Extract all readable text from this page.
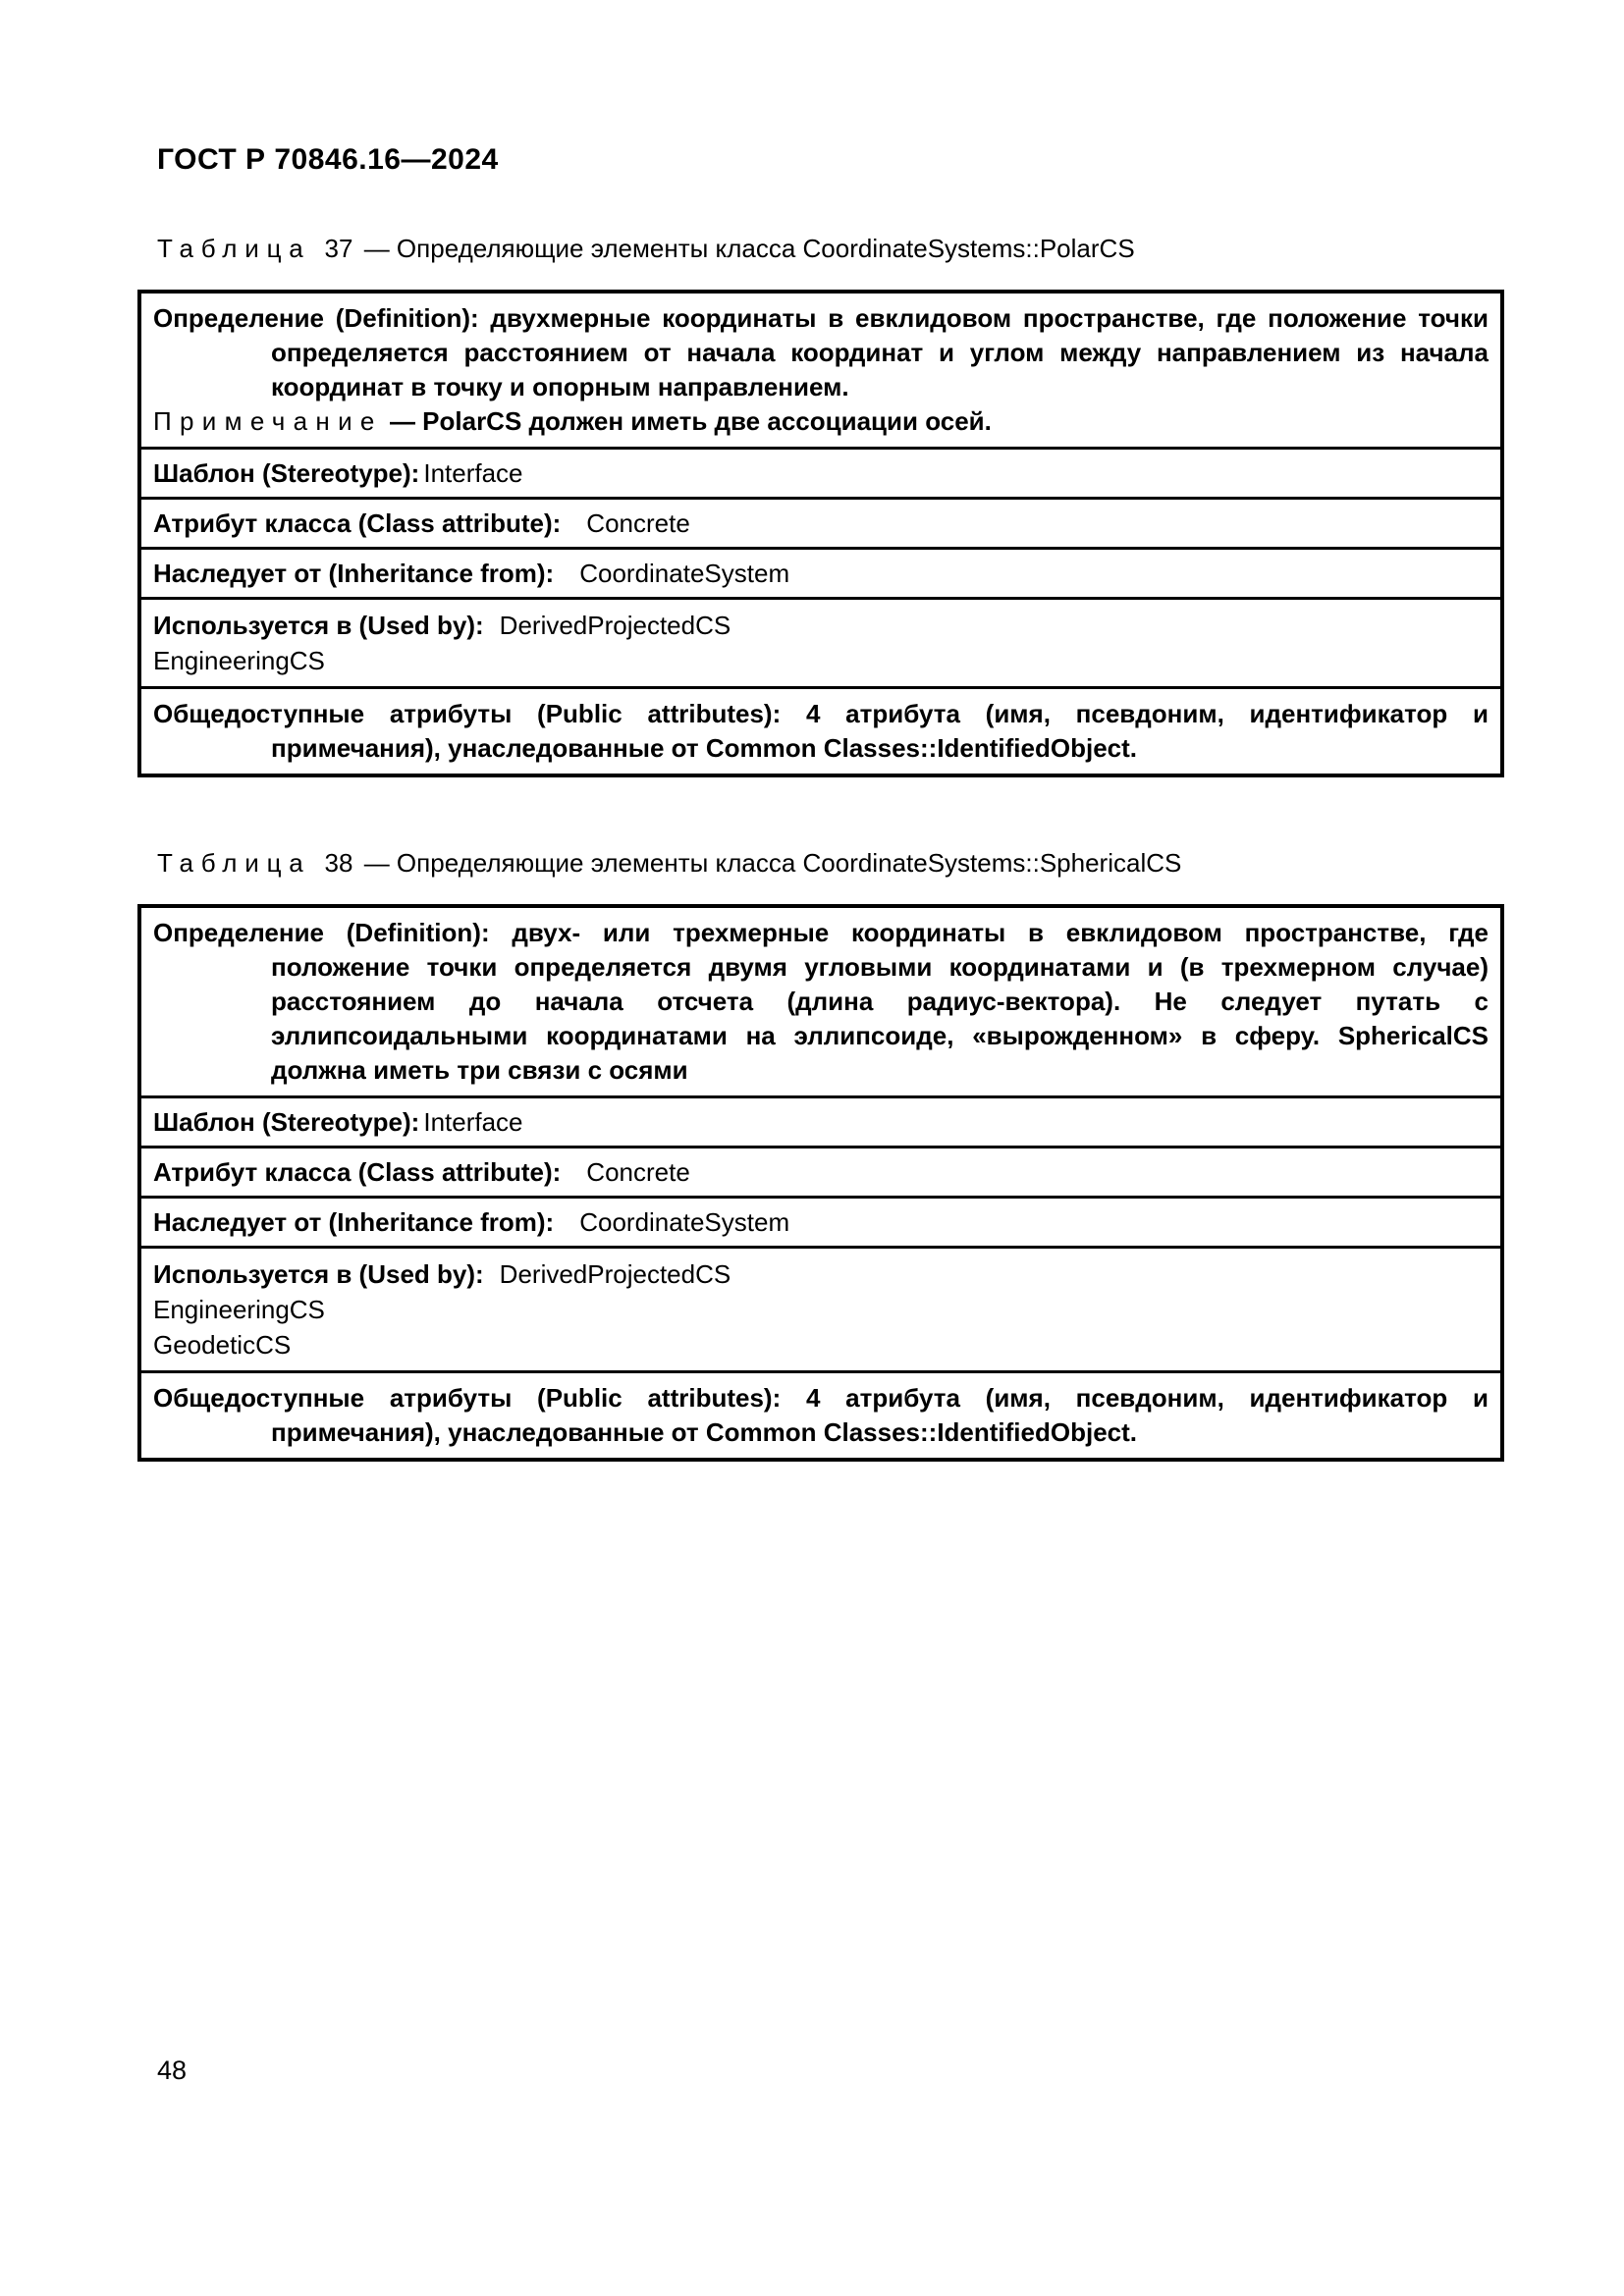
ГОСТ Р 70846.16—2024

Таблица 37 — Определяющие элементы класса CoordinateSystems::PolarCS

Определение (Definition): двухмерные координаты в евклидовом пространстве, где положение точки определяется расстоянием от начала координат и углом между направлением из начала координат в точку и опорным направлением.

Примечание — PolarCS должен иметь две ассоциации осей.

Шаблон (Stereotype): Interface

Атрибут класса (Class attribute): Concrete

Наследует от (Inheritance from): CoordinateSystem

Используется в (Used by): DerivedProjectedCS

EngineeringCS

Общедоступные атрибуты (Public attributes): 4 атрибута (имя, псевдоним, идентификатор и примечания), унаследованные от Common Classes::IdentifiedObject.

Таблица 38 — Определяющие элементы класса CoordinateSystems::SphericalCS

Определение (Definition): двух- или трехмерные координаты в евклидовом пространстве, где положение точки определяется двумя угловыми координатами и (в трехмерном случае) расстоянием до начала отсчета (длина радиус-вектора). Не следует путать с эллипсоидальными координатами на эллипсоиде, «вырожденном» в сферу. SphericalCS должна иметь три связи с осями

Шаблон (Stereotype): Interface

Атрибут класса (Class attribute): Concrete

Наследует от (Inheritance from): CoordinateSystem

Используется в (Used by): DerivedProjectedCS

EngineeringCS

GeodeticCS

Общедоступные атрибуты (Public attributes): 4 атрибута (имя, псевдоним, идентификатор и примечания), унаследованные от Common Classes::IdentifiedObject.

48
